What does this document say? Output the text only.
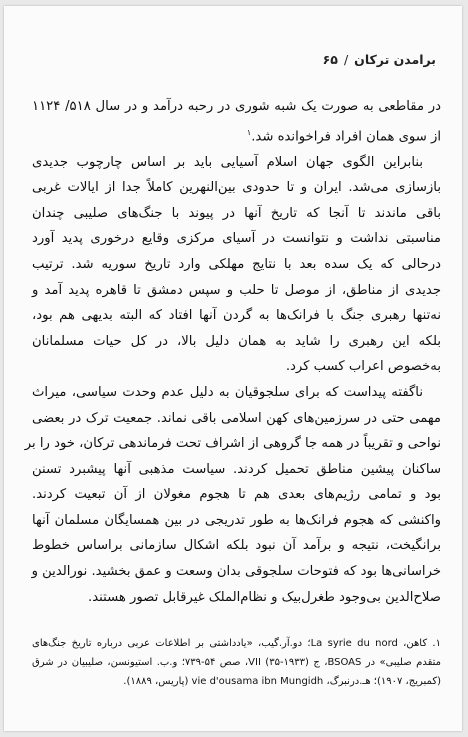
برامدن ترکان/۶۵
در مقاطعی به صورت یک شبه شوری در رحبه درآمد و در سال ۵۱۸/ ۱۱۲۴
از سوی همان افراد فراخوانده شد.$^۱$
بنابراین الگوی جهان اسلام آسیایی باید بر اساس چارچوب جدیدی
بازسازی می‌شد. ایران و تا حدودی بین‌النهرین کاملاً جدا از ایالات غربی
باقی ماندند تا آنجا که تاریخ آنها در پیوند با جنگ‌های صلیبی چندان
مناسبتی نداشت و نتوانست در آسیای مرکزی وقایع درخوری پدید آورد
درحالی که یک سده بعد با نتایج مهلکی وارد تاریخ سوریه شد. ترتیب
جدیدی از مناطق، از موصل تا حلب و سپس دمشق تا قاهره پدید آمد و
نه‌تنها رهبری جنگ با فرانک‌ها به گردن آنها افتاد که البته بدیهی هم بود،
بلکه این رهبری را شاید به همان دلیل بالا، در کل حیات مسلمانان
به‌خصوص اعراب کسب کرد.
ناگفته پیداست که برای سلجوقیان به دلیل عدم وحدت سیاسی، میراث
مهمی حتی در سرزمین‌های کهن اسلامی باقی نماند. جمعیت ترک در بعضی
نواحی و تقریباً در همه جا گروهی از اشراف تحت فرماندهی ترکان، خود را بر
ساکنان پیشین مناطق تحمیل کردند. سیاست مذهبی آنها پیشبرد تسنن
بود و تمامی رژیم‌های بعدی هم تا هجوم مغولان از آن تبعیت کردند.
واکنشی که هجوم فرانک‌ها به طور تدریجی در بین همسایگان مسلمان آنها
برانگیخت، نتیجه و برآمد آن نبود بلکه اشکال سازمانی براساس خطوط
خراسانی‌ها بود که فتوحات سلجوقی بدان وسعت و عمق بخشید. نورالدین و
صلاح‌الدین بی‌وجود طغرل‌بیک و نظام‌الملک غیرقابل تصور هستند.
۱. کاهن، La syrie du nord؛ دو.آر.گیب، «یادداشتی بر اطلاعات عربی درباره تاریخ جنگ‌های
متقدم صلیبی» در BSOAS، ج VII (۳۵-۱۹۳۳)، صص ۵۴-۷۳۹؛ و.ب. استیونسن، صلیبیان در شرق
(کمبریج، ۱۹۰۷)؛ هـ.درنبرگ، vie d'ousama ibn Mungidh (پاریس، ۱۸۸۹).
